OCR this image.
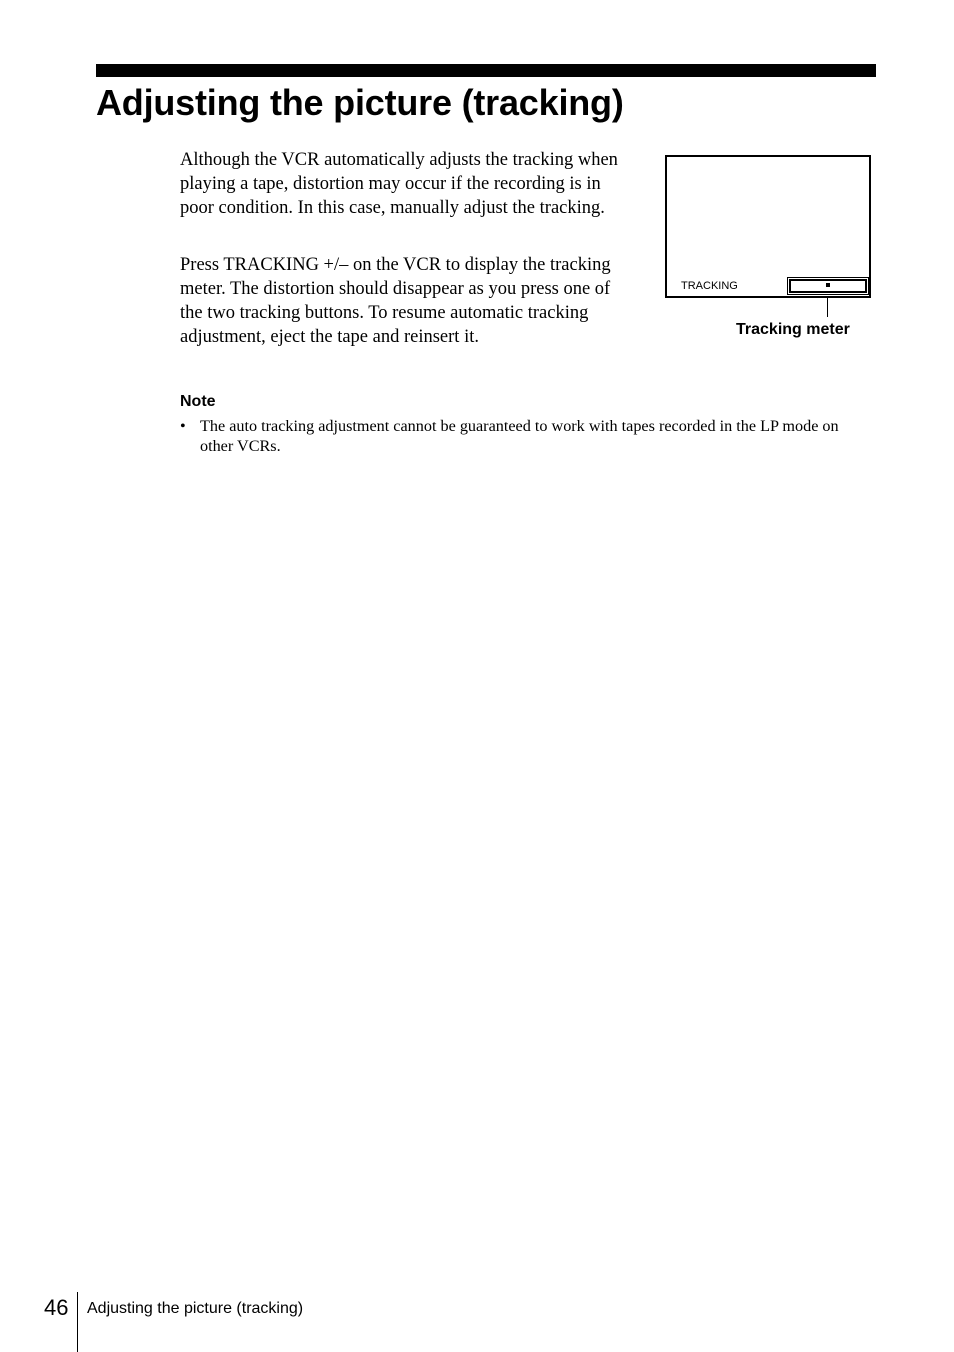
Adjusting the picture (tracking)

Although the VCR automatically adjusts the tracking when playing a tape, distortion may occur if the recording is in poor condition. In this case, manually adjust the tracking.

Press TRACKING +/– on the VCR to display the tracking meter. The distortion should disappear as you press one of the two tracking buttons. To resume automatic tracking adjustment, eject the tape and reinsert it.

TRACKING
Tracking meter
Note
• The auto tracking adjustment cannot be guaranteed to work with tapes recorded in the LP mode on other VCRs.
46 Adjusting the picture (tracking)
